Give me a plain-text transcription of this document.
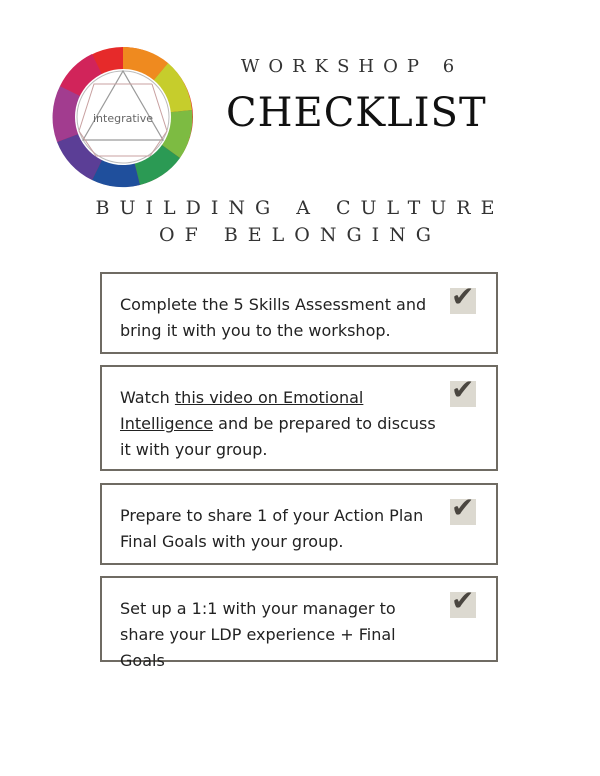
integrative
WORKSHOP 6
CHECKLIST
BUILDING A CULTURE
OF BELONGING
Complete the 5 Skills Assessment and bring it with you to the workshop.
✔
Watch this video on Emotional Intelligence and be prepared to discuss it with your group.
✔
Prepare to share 1 of your Action Plan Final Goals with your group.
✔
Set up a 1:1 with your manager to share your LDP experience + Final Goals
✔
